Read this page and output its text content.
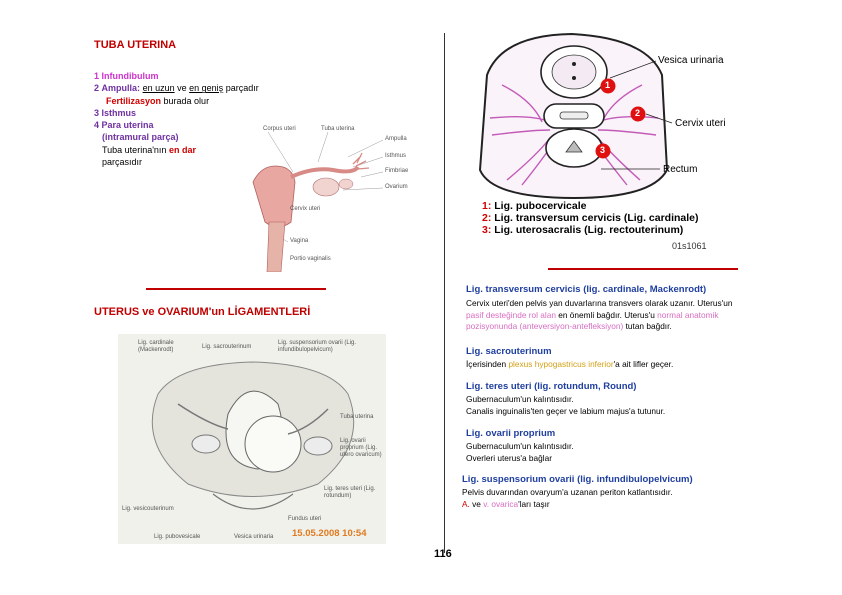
TUBA UTERINA
1 Infundibulum
2 Ampulla: en uzun ve en geniş parçadır
Fertilizasyon burada olur
3 Isthmus
4 Para uterina
(intramural parça)
Tuba uterina'nın en dar
parçasıdır
Corpus uteri	Tuba uterina
Ampulla
Isthmus
Fimbriae
Ovarium
Cervix uteri
Vagina
Portio vaginalis
UTERUS ve OVARIUM'un LİGAMENTLERİ
Lig. cardinale (Mackenrodt)	Lig. sacrouterinum
Lig. suspensorium ovarii (Lig. infundibulopelvicum)
Tuba uterina
Lig. ovarii proprium (Lig. utero ovaricum)
Lig. teres uteri (Lig. rotundum)
Lig. vesicouterinum
Fundus uteri
Lig. pubovesicale	Vesica urinaria 15.05.2008 10:54
Vesica urinaria
Cervix uteri
Rectum
1
2
3
1: Lig. pubocervicale
2: Lig. transversum cervicis (Lig. cardinale)
3: Lig. uterosacralis (Lig. rectouterinum)
01s1061
Lig. transversum cervicis (lig. cardinale, Mackenrodt)
Cervix uteri'den pelvis yan duvarlarına transvers olarak uzanır. Uterus'un
pasif desteğinde rol alan en önemli bağdır. Uterus'u normal anatomik
pozisyonunda (anteversiyon-antefleksiyon) tutan bağdır.
Lig. sacrouterinum
İçerisinden plexus hypogastricus inferior'a ait lifler geçer.
Lig. teres uteri (lig. rotundum, Round)
Gubernaculum'un kalıntısıdır.
Canalis inguinalis'ten geçer ve labium majus'a tutunur.
Lig. ovarii proprium
Gubernaculum'un kalıntısıdır.
Overleri uterus'a bağlar
Lig. suspensorium ovarii (lig. infundibulopelvicum)
Pelvis duvarından ovaryum'a uzanan periton katlantısıdır.
A. ve v. ovarica'ları taşır
116
